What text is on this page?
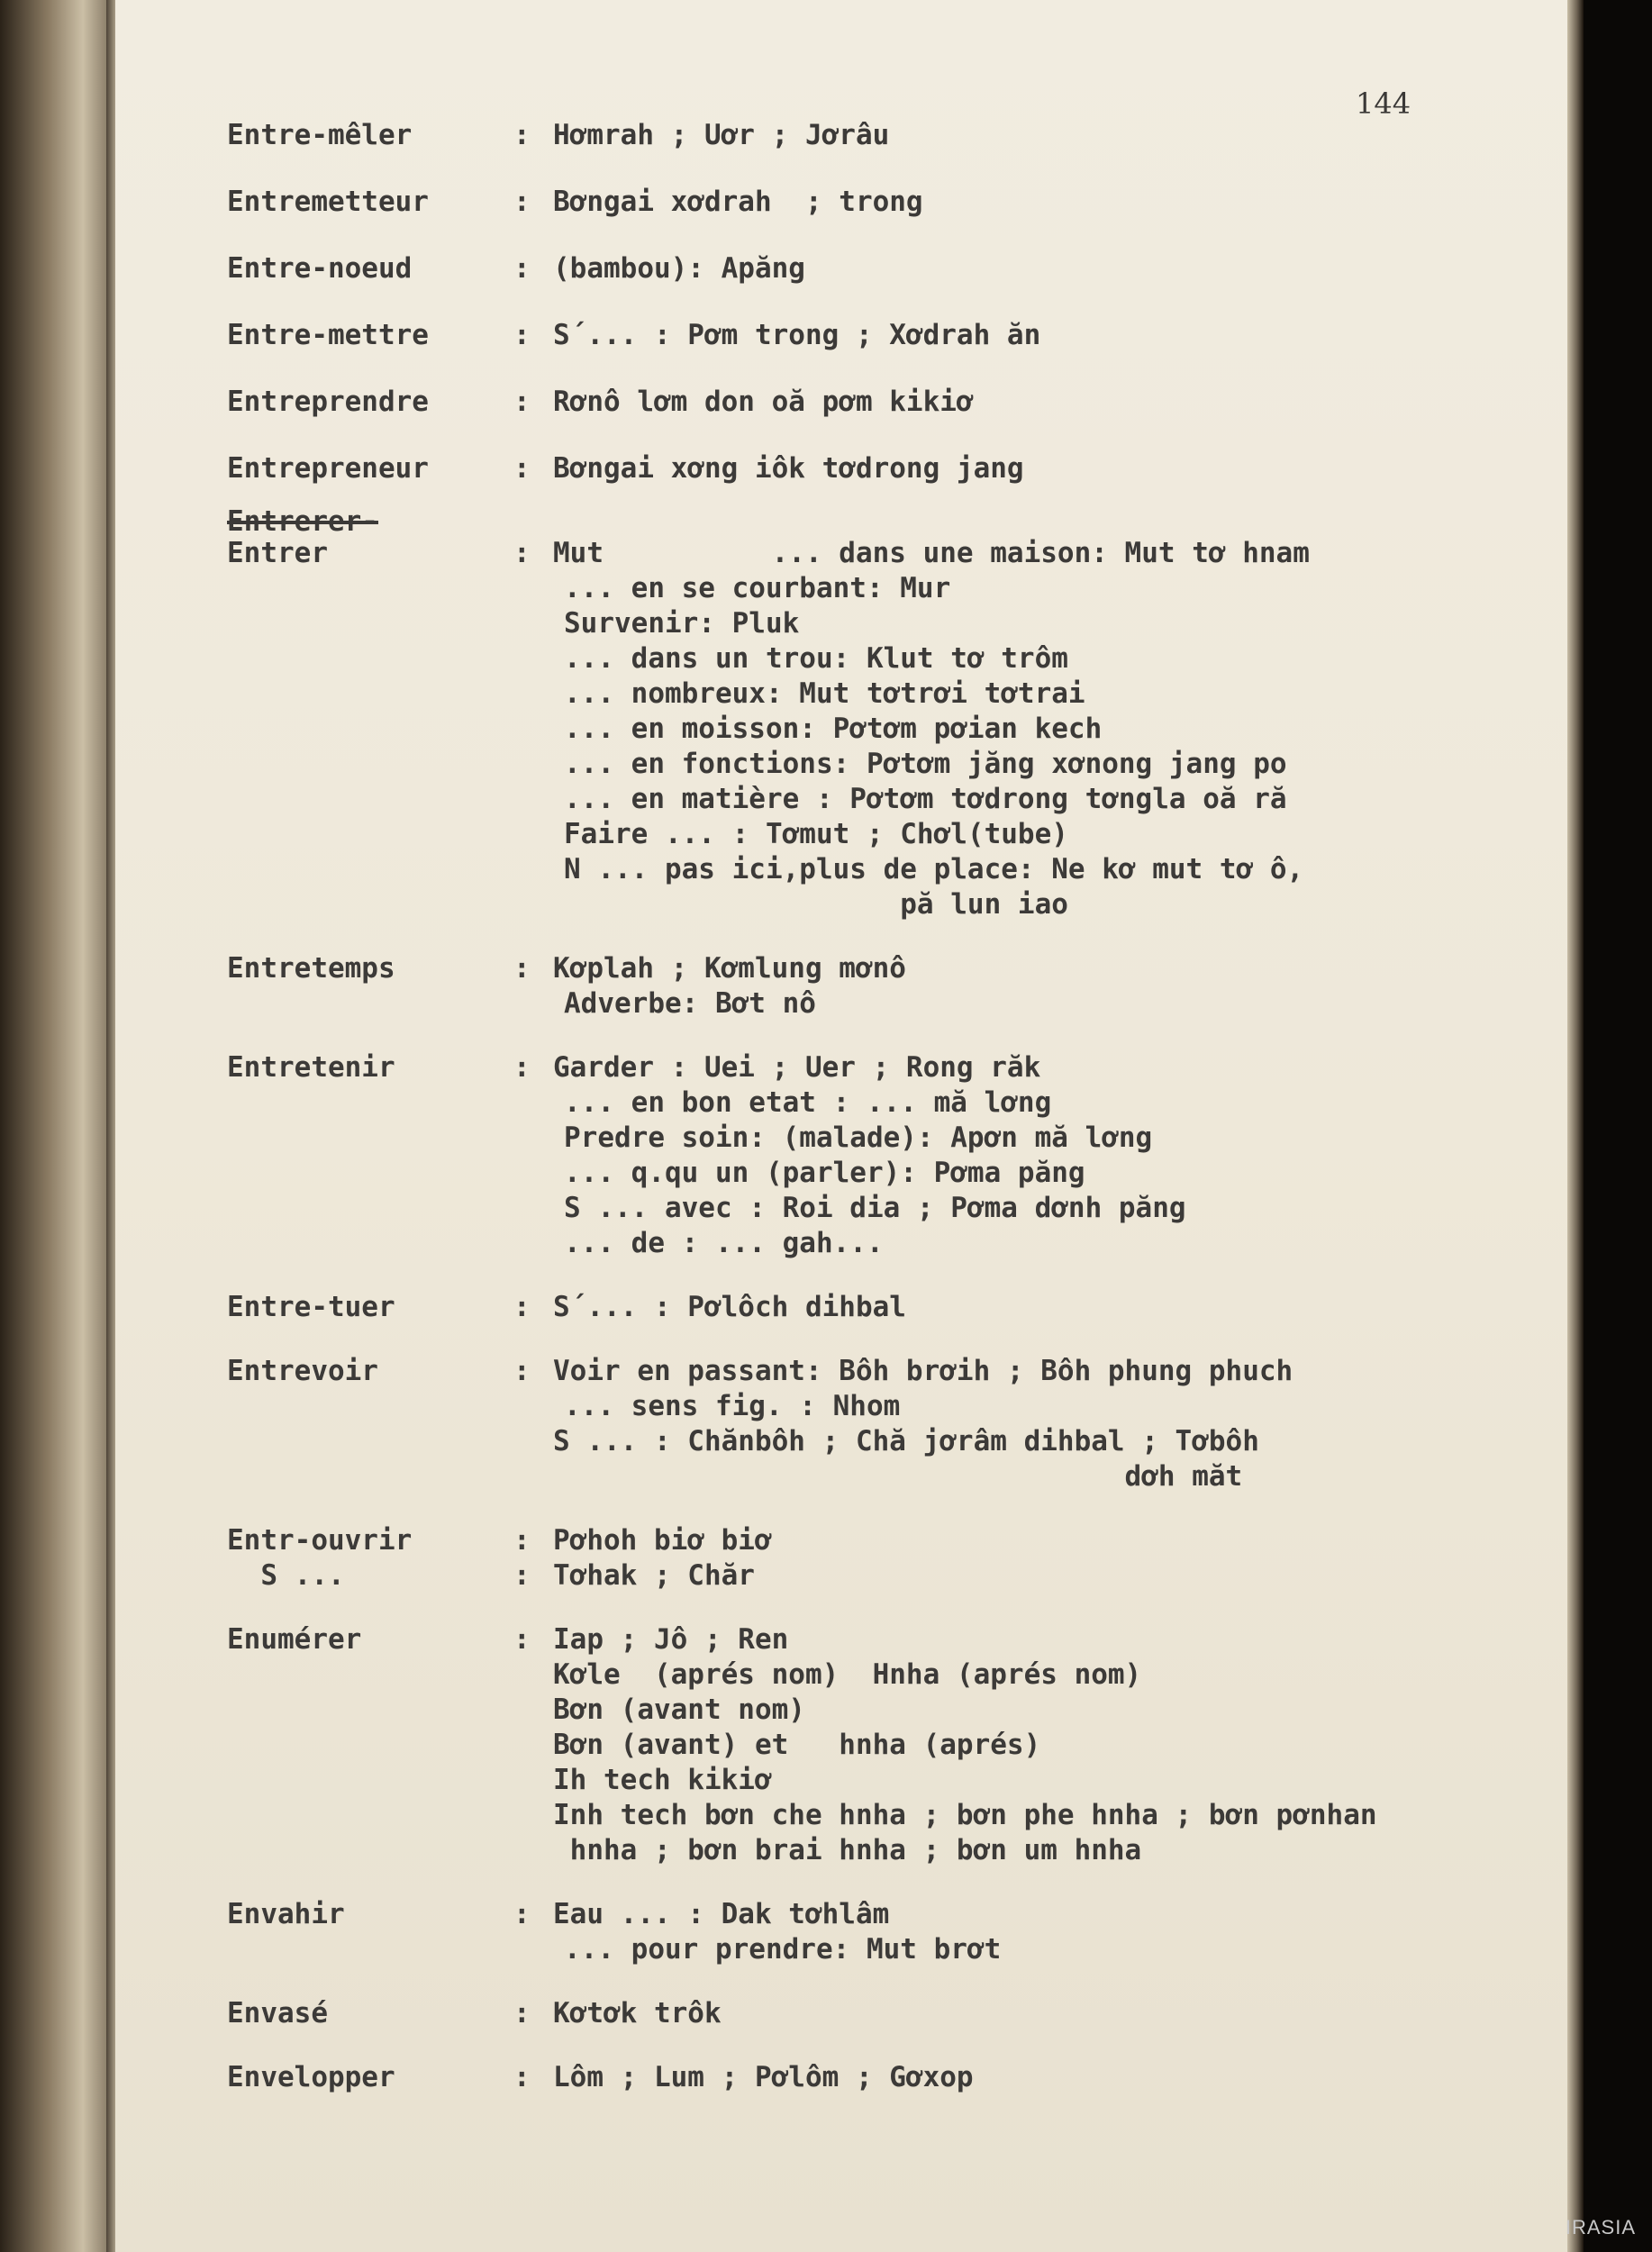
144
Entre-mêler	: Hơmrah ; Uơr ; Jơrâu
Entremetteur	: Bơngai xơdrah  ; trong
Entre-noeud	: (bambou): Apăng
Entre-mettre	: S´... : Pơm trong ; Xơdrah ăn
Entreprendre	: Rơnô lơm don oă pơm kikiơ
Entrepreneur	: Bơngai xơng iôk tơdrong jang
Entrerer-
Entrer	: Mut          ... dans une maison: Mut tơ hnam
... en se courbant: Mur
Survenir: Pluk
... dans un trou: Klut tơ trôm
... nombreux: Mut tơtrơi tơtrai
... en moisson: Pơtơm pơian kech
... en fonctions: Pơtơm jăng xơnong jang po
... en matière : Pơtơm tơdrong tơngla oă ră
Faire ... : Tơmut ; Chơl(tube)
N ... pas ici,plus de place: Ne kơ mut tơ ô,
pă lun iao
Entretemps	: Kơplah ; Kơmlung mơnô
Adverbe: Bơt nô
Entretenir	: Garder : Uei ; Uer ; Rong răk
... en bon etat : ... mă lơng
Predre soin: (malade): Apơn mă lơng
... q.qu un (parler): Pơma păng
S ... avec : Roi dia ; Pơma dơnh păng
... de : ... gah...
Entre-tuer	: S´... : Pơlôch dihbal
Entrevoir	: Voir en passant: Bôh brơih ; Bôh phung phuch
... sens fig. : Nhom
S ... : Chănbôh ; Chă jơrâm dihbal ; Tơbôh
dơh măt
Entr-ouvrir	: Pơhoh biơ biơ
S ...	: Tơhak ; Chăr
Enumérer	: Iap ; Jô ; Ren
Kơle  (aprés nom)  Hnha (aprés nom)
Bơn (avant nom)
Bơn (avant) et   hnha (aprés)
Ih tech kikiơ
Inh tech bơn che hnha ; bơn phe hnha ; bơn pơnhan
hnha ; bơn brai hnha ; bơn um hnha
Envahir	: Eau ... : Dak tơhlâm
... pour prendre: Mut brơt
Envasé	: Kơtơk trôk
Envelopper	: Lôm ; Lum ; Pơlôm ; Gơxop
IRASIA
